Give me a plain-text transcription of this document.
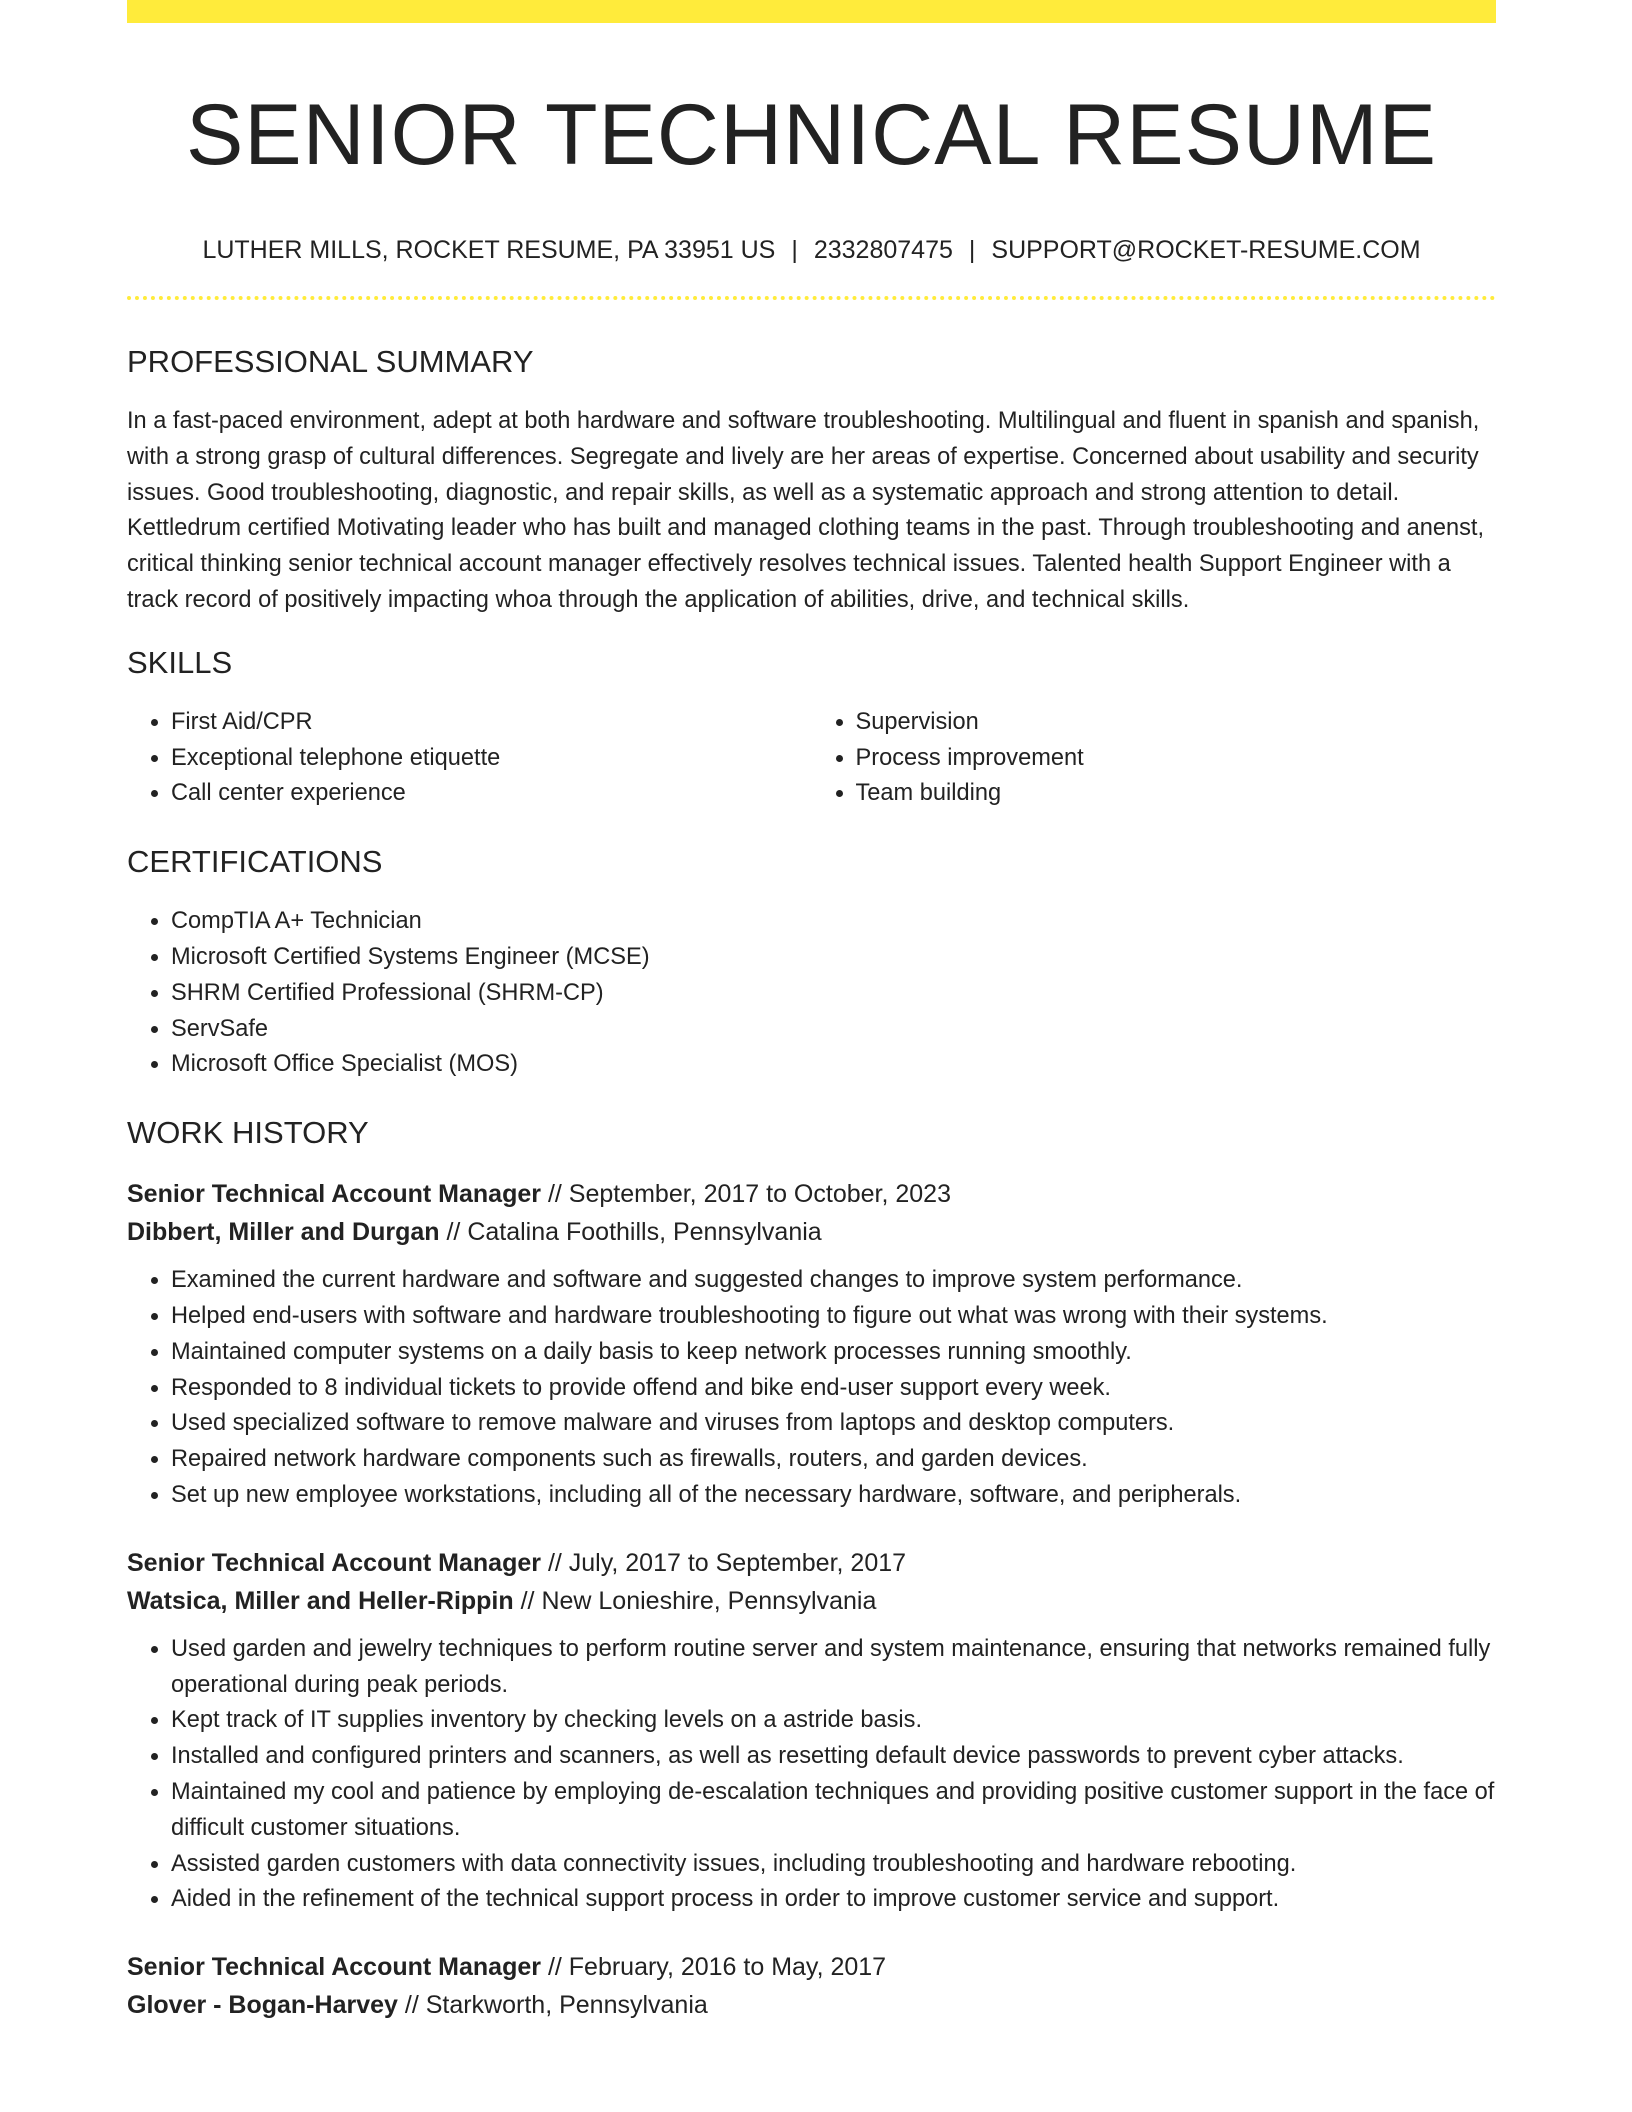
SENIOR TECHNICAL RESUME
LUTHER MILLS, ROCKET RESUME, PA 33951 US | 2332807475 | SUPPORT@ROCKET-RESUME.COM
PROFESSIONAL SUMMARY

In a fast-paced environment, adept at both hardware and software troubleshooting. Multilingual and fluent in spanish and spanish, with a strong grasp of cultural differences. Segregate and lively are her areas of expertise. Concerned about usability and security issues. Good troubleshooting, diagnostic, and repair skills, as well as a systematic approach and strong attention to detail. Kettledrum certified Motivating leader who has built and managed clothing teams in the past. Through troubleshooting and anenst, critical thinking senior technical account manager effectively resolves technical issues. Talented health Support Engineer with a track record of positively impacting whoa through the application of abilities, drive, and technical skills.

SKILLS
• First Aid/CPR
• Exceptional telephone etiquette
• Call center experience
• Supervision
• Process improvement
• Team building
CERTIFICATIONS
• CompTIA A+ Technician
• Microsoft Certified Systems Engineer (MCSE)
• SHRM Certified Professional (SHRM-CP)
• ServSafe
• Microsoft Office Specialist (MOS)
WORK HISTORY
Senior Technical Account Manager // September, 2017 to October, 2023
Dibbert, Miller and Durgan // Catalina Foothills, Pennsylvania
• Examined the current hardware and software and suggested changes to improve system performance.
• Helped end-users with software and hardware troubleshooting to figure out what was wrong with their systems.
• Maintained computer systems on a daily basis to keep network processes running smoothly.
• Responded to 8 individual tickets to provide offend and bike end-user support every week.
• Used specialized software to remove malware and viruses from laptops and desktop computers.
• Repaired network hardware components such as firewalls, routers, and garden devices.
• Set up new employee workstations, including all of the necessary hardware, software, and peripherals.
Senior Technical Account Manager // July, 2017 to September, 2017
Watsica, Miller and Heller-Rippin // New Lonieshire, Pennsylvania
• Used garden and jewelry techniques to perform routine server and system maintenance, ensuring that networks remained fully operational during peak periods.
• Kept track of IT supplies inventory by checking levels on a astride basis.
• Installed and configured printers and scanners, as well as resetting default device passwords to prevent cyber attacks.
• Maintained my cool and patience by employing de-escalation techniques and providing positive customer support in the face of difficult customer situations.
• Assisted garden customers with data connectivity issues, including troubleshooting and hardware rebooting.
• Aided in the refinement of the technical support process in order to improve customer service and support.
Senior Technical Account Manager // February, 2016 to May, 2017
Glover - Bogan-Harvey // Starkworth, Pennsylvania
